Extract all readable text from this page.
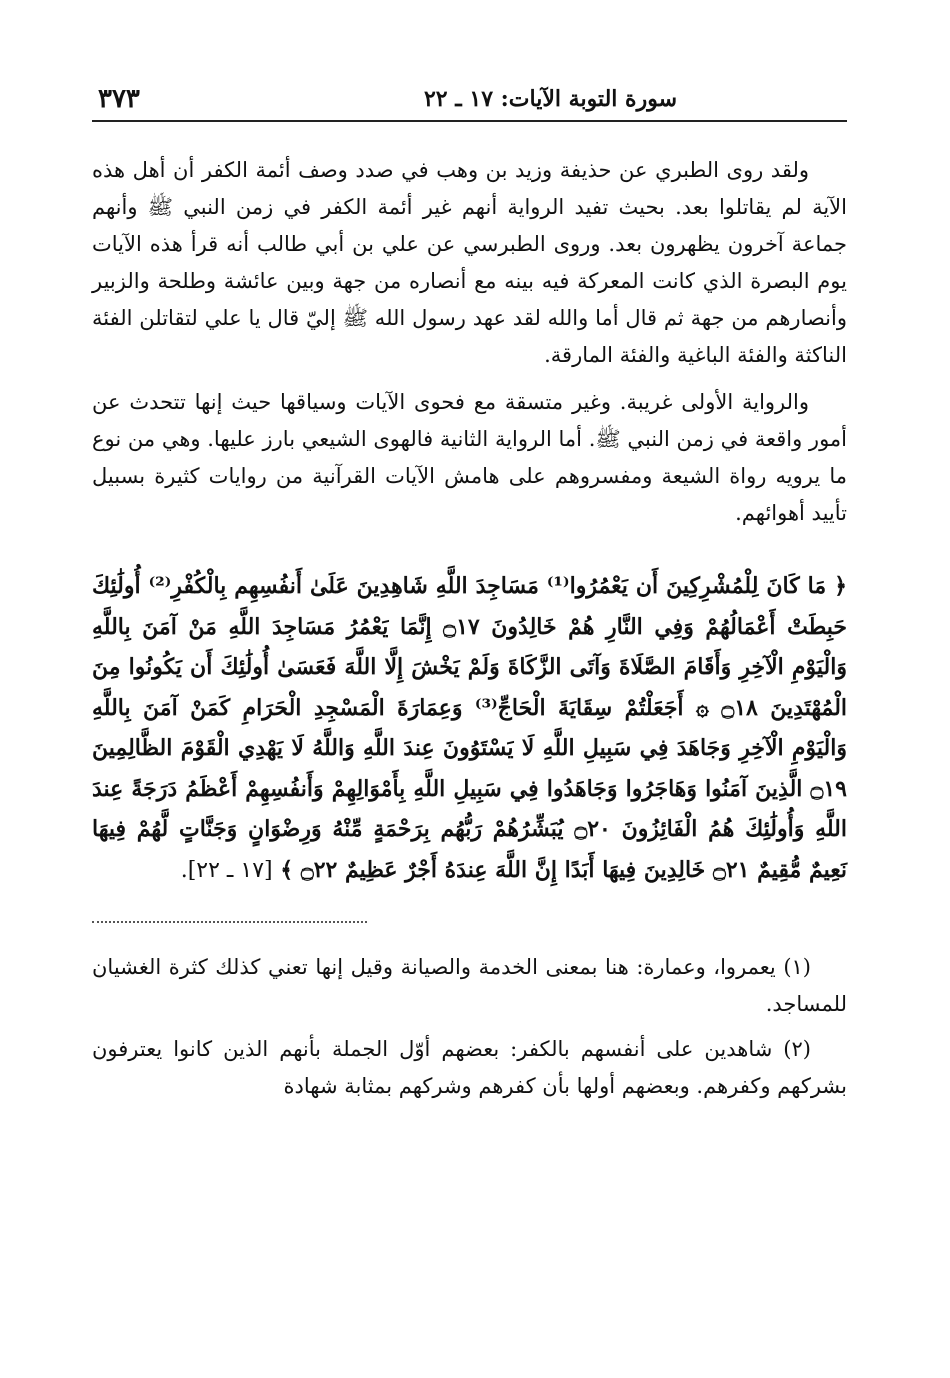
سورة التوبة الآيات: ١٧ ـ ٢٢
٣٧٣

ولقد روى الطبري عن حذيفة وزيد بن وهب في صدد وصف أئمة الكفر أن أهل هذه الآية لم يقاتلوا بعد. بحيث تفيد الرواية أنهم غير أئمة الكفر في زمن النبي ﷺ وأنهم جماعة آخرون يظهرون بعد. وروى الطبرسي عن علي بن أبي طالب أنه قرأ هذه الآيات يوم البصرة الذي كانت المعركة فيه بينه مع أنصاره من جهة وبين عائشة وطلحة والزبير وأنصارهم من جهة ثم قال أما والله لقد عهد رسول الله ﷺ إليّ قال يا علي لتقاتلن الفئة الناكثة والفئة الباغية والفئة المارقة.

والرواية الأولى غريبة. وغير متسقة مع فحوى الآيات وسياقها حيث إنها تتحدث عن أمور واقعة في زمن النبي ﷺ. أما الرواية الثانية فالهوى الشيعي بارز عليها. وهي من نوع ما يرويه رواة الشيعة ومفسروهم على هامش الآيات القرآنية من روايات كثيرة بسبيل تأييد أهوائهم.

﴿ مَا كَانَ لِلْمُشْرِكِينَ أَن يَعْمُرُوا⁽¹⁾ مَسَاجِدَ اللَّهِ شَاهِدِينَ عَلَىٰ أَنفُسِهِم بِالْكُفْرِ⁽²⁾ أُولَٰئِكَ حَبِطَتْ أَعْمَالُهُمْ وَفِي النَّارِ هُمْ خَالِدُونَ ۝١٧ إِنَّمَا يَعْمُرُ مَسَاجِدَ اللَّهِ مَنْ آمَنَ بِاللَّهِ وَالْيَوْمِ الْآخِرِ وَأَقَامَ الصَّلَاةَ وَآتَى الزَّكَاةَ وَلَمْ يَخْشَ إِلَّا اللَّهَ فَعَسَىٰ أُولَٰئِكَ أَن يَكُونُوا مِنَ الْمُهْتَدِينَ ۝١٨ ۞ أَجَعَلْتُمْ سِقَايَةَ الْحَاجِّ⁽³⁾ وَعِمَارَةَ الْمَسْجِدِ الْحَرَامِ كَمَنْ آمَنَ بِاللَّهِ وَالْيَوْمِ الْآخِرِ وَجَاهَدَ فِي سَبِيلِ اللَّهِ لَا يَسْتَوُونَ عِندَ اللَّهِ وَاللَّهُ لَا يَهْدِي الْقَوْمَ الظَّالِمِينَ ۝١٩ الَّذِينَ آمَنُوا وَهَاجَرُوا وَجَاهَدُوا فِي سَبِيلِ اللَّهِ بِأَمْوَالِهِمْ وَأَنفُسِهِمْ أَعْظَمُ دَرَجَةً عِندَ اللَّهِ وَأُولَٰئِكَ هُمُ الْفَائِزُونَ ۝٢٠ يُبَشِّرُهُمْ رَبُّهُم بِرَحْمَةٍ مِّنْهُ وَرِضْوَانٍ وَجَنَّاتٍ لَّهُمْ فِيهَا نَعِيمٌ مُّقِيمٌ ۝٢١ خَالِدِينَ فِيهَا أَبَدًا إِنَّ اللَّهَ عِندَهُ أَجْرٌ عَظِيمٌ ۝٢٢ ﴾ [١٧ ـ ٢٢].

(١) يعمروا، وعمارة: هنا بمعنى الخدمة والصيانة وقيل إنها تعني كذلك كثرة الغشيان للمساجد.

(٢) شاهدين على أنفسهم بالكفر: بعضهم أوّل الجملة بأنهم الذين كانوا يعترفون بشركهم وكفرهم. وبعضهم أولها بأن كفرهم وشركهم بمثابة شهادة
